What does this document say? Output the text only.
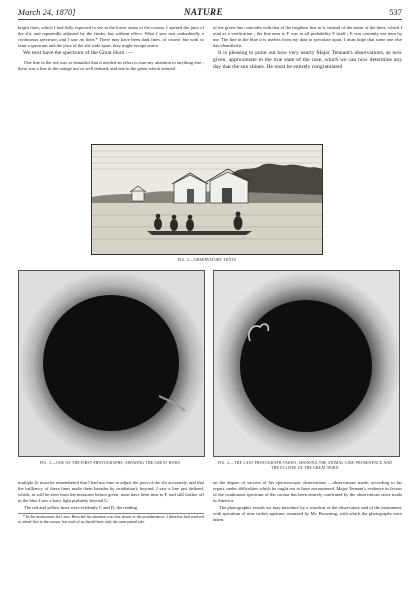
March 24, 1870]	NATURE	537

bright lines, which I had fully expected to see in the lower strata of the corona, I opened the jaws of the slit, and repeatedly adjusted by the finder, but without effect. What I saw was undoubtedly a continuous spectrum, and I saw no lines.* There may have been dark lines, of course, but with so faint a spectrum and the jaws of the slit wide apart, they might escape notice.

We next have the spectrum of the Great Horn :—

One line in the red was so beautiful that it needed an effort to turn my attention to anything else ; there was a line in the orange not so well defined, and one in the green which seemed

of the green line coincides with that of the brightest line in b, instead of the mean of the three, which I read as a verification ; the line near to F was in all probability F itself ; E was certainly not seen by me. The line in the blue it is useless from my data to speculate upon, I must hope that some one else has identified it.

It is pleasing to point out how very nearly Major Tennant's observations, as now given, approximate to the true state of the case, which we can now determine any day that the sun shines. He must be entirely congratulated

FIG. 2.—OBSERVATORY TENTS
FIG. 3.—ONE OF THE FIRST PHOTOGRAPHS, SHOWING THE GREAT HORN	FIG. 4.—THE LAST PHOTOGRAPH TAKEN, SHOWING THE ANIMAL-LIKE PROMINENCE AND THE ECLIPSE OF THE GREAT HORN

multiple (it must be remembered that I had not time to adjust the jaws of the slit accurately, and that the brilliancy of these lines made them broader by irradiation); beyond, I saw a line just defined, which, as will be seen from the measures before given, must have been near to F, and still further off in the blue I saw a hazy light probably beyond G.

The red and yellow lines were evidently C and D, the reading

* In the instructions for Lieut. Herschel his attention was first drawn to the protuberances. I therefore had resolved to attend first to the corona, lest each of us should have only the same partial tale.

on the degree of success of his spectroscopic observations —observations made, according to his report, under difficulties which he ought not to have encountered. Major Tennant's evidence in favour of the continuous spectrum of the corona has been entirely confirmed by the observations since made in America.

The photographic results we may introduce by a woodcut of the observatory and of the instrument, with speculum of nine inches aperture, mounted by Mr. Browning, with which the photographs were taken.
